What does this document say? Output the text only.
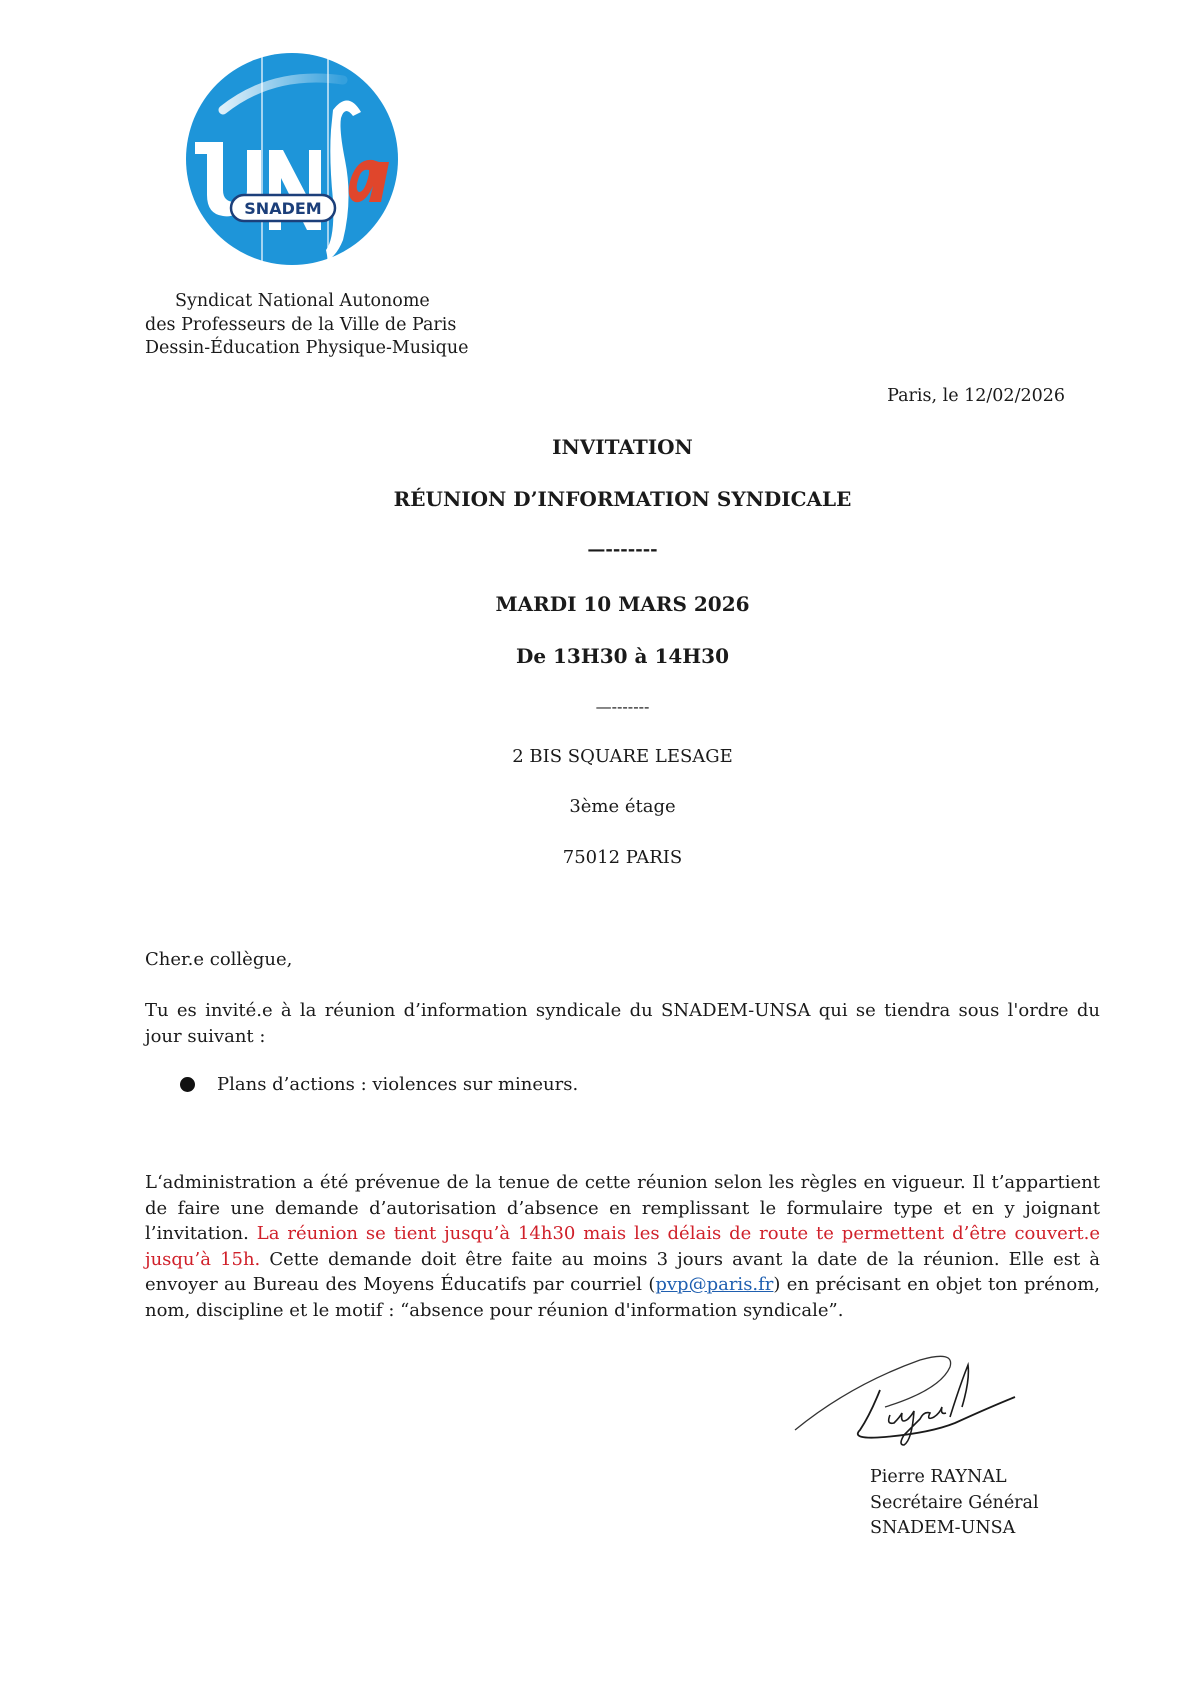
SNADEM
Syndicat National Autonome
des Professeurs de la Ville de Paris
Dessin-Éducation Physique-Musique
Paris, le 12/02/2026
INVITATION
RÉUNION D’INFORMATION SYNDICALE
—-------
MARDI 10 MARS 2026
De 13H30 à 14H30
—-------
2 BIS SQUARE LESAGE
3ème étage
75012 PARIS
Cher.e collègue,
Tu es invité.e à la réunion d’information syndicale du SNADEM-UNSA qui se tiendra sous l'ordre du jour suivant :
Plans d’actions : violences sur mineurs.
L‘administration a été prévenue de la tenue de cette réunion selon les règles en vigueur. Il t’appartient de faire une demande d’autorisation d’absence en remplissant le formulaire type et en y joignant l’invitation. La réunion se tient jusqu’à 14h30 mais les délais de route te permettent d’être couvert.e jusqu’à 15h. Cette demande doit être faite au moins 3 jours avant la date de la réunion. Elle est à envoyer au Bureau des Moyens Éducatifs par courriel (pvp@paris.fr) en précisant en objet ton prénom, nom, discipline et le motif : “absence pour réunion d'information syndicale”.
Pierre RAYNAL
Secrétaire Général
SNADEM-UNSA
